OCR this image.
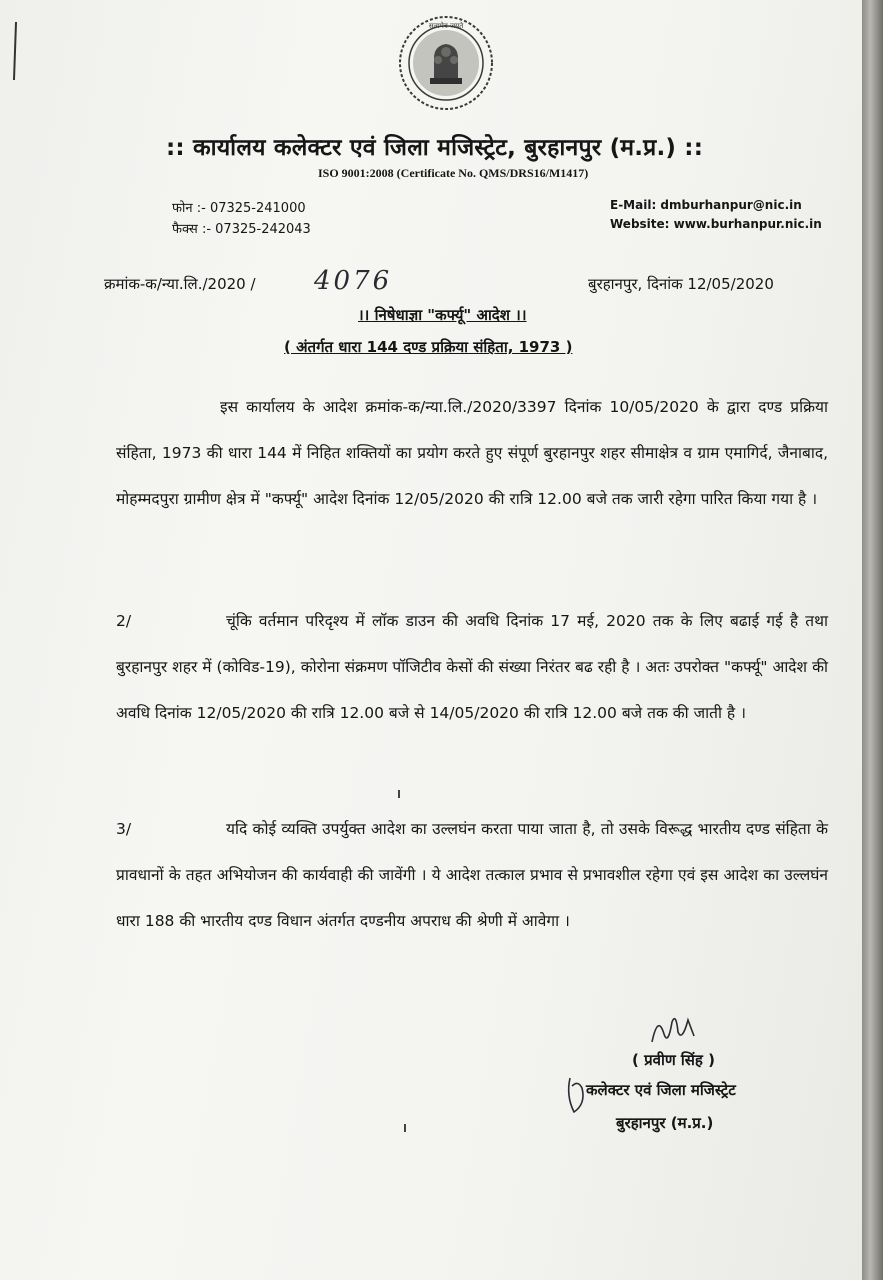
सत्यमेव जयते
:: कार्यालय कलेक्टर एवं जिला मजिस्ट्रेट, बुरहानपुर (म.प्र.) ::
ISO 9001:2008 (Certificate No. QMS/DRS16/M1417)
फोन :- 07325-241000
फैक्स :- 07325-242043
E-Mail: dmburhanpur@nic.in
Website: www.burhanpur.nic.in
क्रमांक-क/न्या.लि./2020 / 4076	बुरहानपुर, दिनांक 12/05/2020
।। निषेधाज्ञा "कर्फ्यू" आदेश ।।
( अंतर्गत धारा 144 दण्ड प्रक्रिया संहिता, 1973 )
इस कार्यालय के आदेश क्रमांक-क/न्या.लि./2020/3397 दिनांक 10/05/2020 के द्वारा दण्ड प्रक्रिया संहिता, 1973 की धारा 144 में निहित शक्तियों का प्रयोग करते हुए संपूर्ण बुरहानपुर शहर सीमाक्षेत्र व ग्राम एमागिर्द, जैनाबाद, मोहम्मदपुरा ग्रामीण क्षेत्र में "कर्फ्यू" आदेश दिनांक 12/05/2020 की रात्रि 12.00 बजे तक जारी रहेगा पारित किया गया है ।
2/	चूंकि वर्तमान परिदृश्य में लॉक डाउन की अवधि दिनांक 17 मई, 2020 तक के लिए बढाई गई है तथा बुरहानपुर शहर में (कोविड-19), कोरोना संक्रमण पॉजिटीव केसों की संख्या निरंतर बढ रही है । अतः उपरोक्त "कर्फ्यू" आदेश की अवधि दिनांक 12/05/2020 की रात्रि 12.00 बजे से 14/05/2020 की रात्रि 12.00 बजे तक की जाती है ।
3/	यदि कोई व्यक्ति उपर्युक्त आदेश का उल्लघंन करता पाया जाता है, तो उसके विरूद्ध भारतीय दण्ड संहिता के प्रावधानों के तहत अभियोजन की कार्यवाही की जावेंगी । ये आदेश तत्काल प्रभाव से प्रभावशील रहेगा एवं इस आदेश का उल्लघंन धारा 188 की भारतीय दण्ड विधान अंतर्गत दण्डनीय अपराध की श्रेणी में आवेगा ।
( प्रवीण सिंह )
कलेक्टर एवं जिला मजिस्ट्रेट
बुरहानपुर (म.प्र.)
